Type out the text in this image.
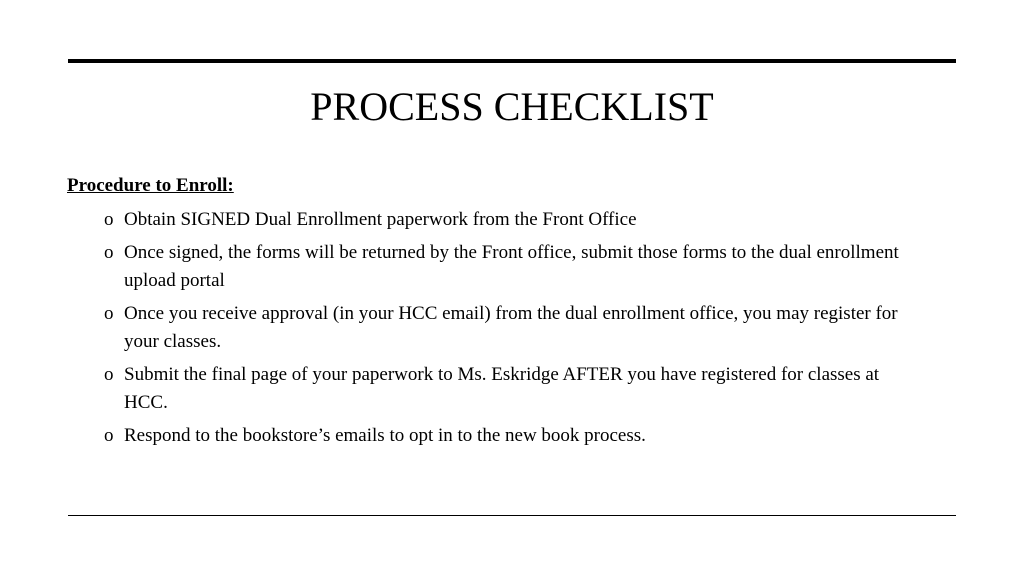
PROCESS CHECKLIST
Procedure to Enroll:
o Obtain SIGNED Dual Enrollment paperwork from the Front Office
o Once signed, the forms will be returned by the Front office, submit those forms to the dual enrollment upload portal
o Once you receive approval (in your HCC email) from the dual enrollment office, you may register for your classes.
o Submit the final page of your paperwork to Ms. Eskridge AFTER you have registered for classes at HCC.
o Respond to the bookstore’s emails to opt in to the new book process.
